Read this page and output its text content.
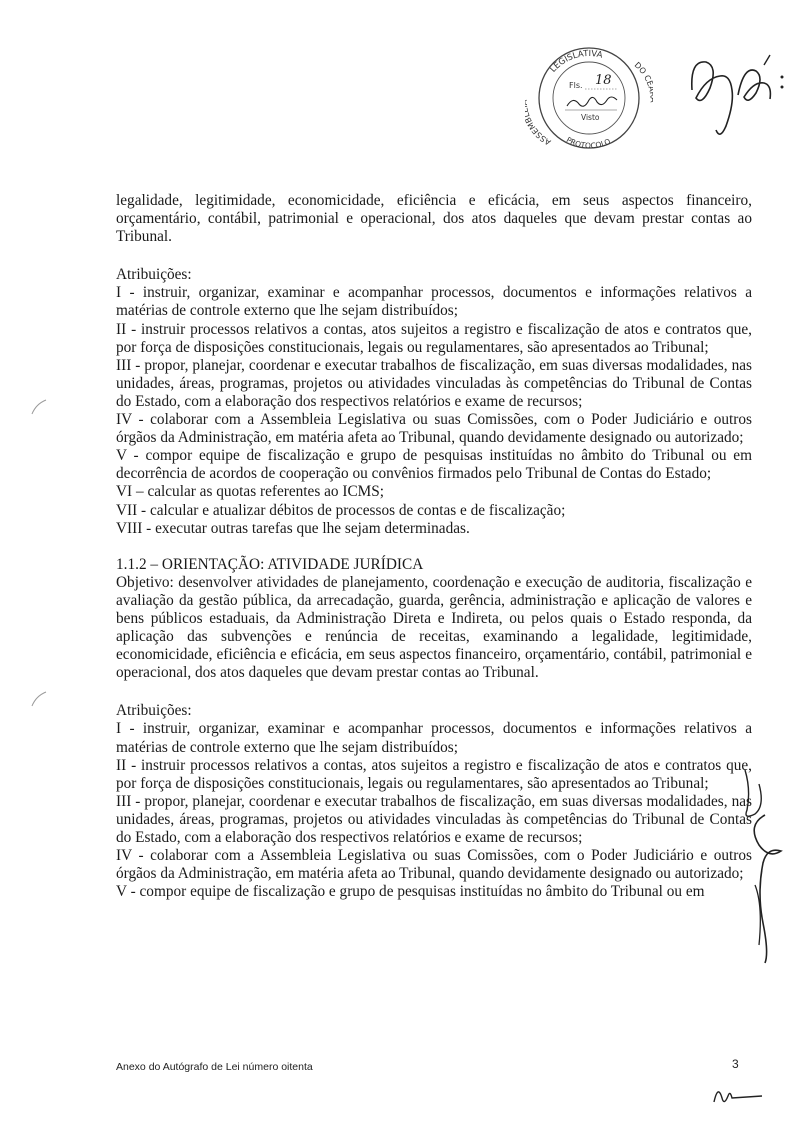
LEGISLATIVA
ASSEM
DO C
PROTOCOLO
Fls. 18
Visto

legalidade, legitimidade, economicidade, eficiência e eficácia, em seus aspectos financeiro, orçamentário, contábil, patrimonial e operacional, dos atos daqueles que devam prestar contas ao Tribunal.

Atribuições:

I - instruir, organizar, examinar e acompanhar processos, documentos e informações relativos a matérias de controle externo que lhe sejam distribuídos;

II - instruir processos relativos a contas, atos sujeitos a registro e fiscalização de atos e contratos que, por força de disposições constitucionais, legais ou regulamentares, são apresentados ao Tribunal;

III - propor, planejar, coordenar e executar trabalhos de fiscalização, em suas diversas modalidades, nas unidades, áreas, programas, projetos ou atividades vinculadas às competências do Tribunal de Contas do Estado, com a elaboração dos respectivos relatórios e exame de recursos;

IV - colaborar com a Assembleia Legislativa ou suas Comissões, com o Poder Judiciário e outros órgãos da Administração, em matéria afeta ao Tribunal, quando devidamente designado ou autorizado;

V - compor equipe de fiscalização e grupo de pesquisas instituídas no âmbito do Tribunal ou em decorrência de acordos de cooperação ou convênios firmados pelo Tribunal de Contas do Estado;

VI – calcular as quotas referentes ao ICMS;

VII - calcular e atualizar débitos de processos de contas e de fiscalização;

VIII - executar outras tarefas que lhe sejam determinadas.

1.1.2 – ORIENTAÇÃO: ATIVIDADE JURÍDICA

Objetivo: desenvolver atividades de planejamento, coordenação e execução de auditoria, fiscalização e avaliação da gestão pública, da arrecadação, guarda, gerência, administração e aplicação de valores e bens públicos estaduais, da Administração Direta e Indireta, ou pelos quais o Estado responda, da aplicação das subvenções e renúncia de receitas, examinando a legalidade, legitimidade, economicidade, eficiência e eficácia, em seus aspectos financeiro, orçamentário, contábil, patrimonial e operacional, dos atos daqueles que devam prestar contas ao Tribunal.

Atribuições:

I - instruir, organizar, examinar e acompanhar processos, documentos e informações relativos a matérias de controle externo que lhe sejam distribuídos;

II - instruir processos relativos a contas, atos sujeitos a registro e fiscalização de atos e contratos que, por força de disposições constitucionais, legais ou regulamentares, são apresentados ao Tribunal;

III - propor, planejar, coordenar e executar trabalhos de fiscalização, em suas diversas modalidades, nas unidades, áreas, programas, projetos ou atividades vinculadas às competências do Tribunal de Contas do Estado, com a elaboração dos respectivos relatórios e exame de recursos;

IV - colaborar com a Assembleia Legislativa ou suas Comissões, com o Poder Judiciário e outros órgãos da Administração, em matéria afeta ao Tribunal, quando devidamente designado ou autorizado;

V - compor equipe de fiscalização e grupo de pesquisas instituídas no âmbito do Tribunal ou em

Anexo do Autógrafo de Lei número oitenta	3
